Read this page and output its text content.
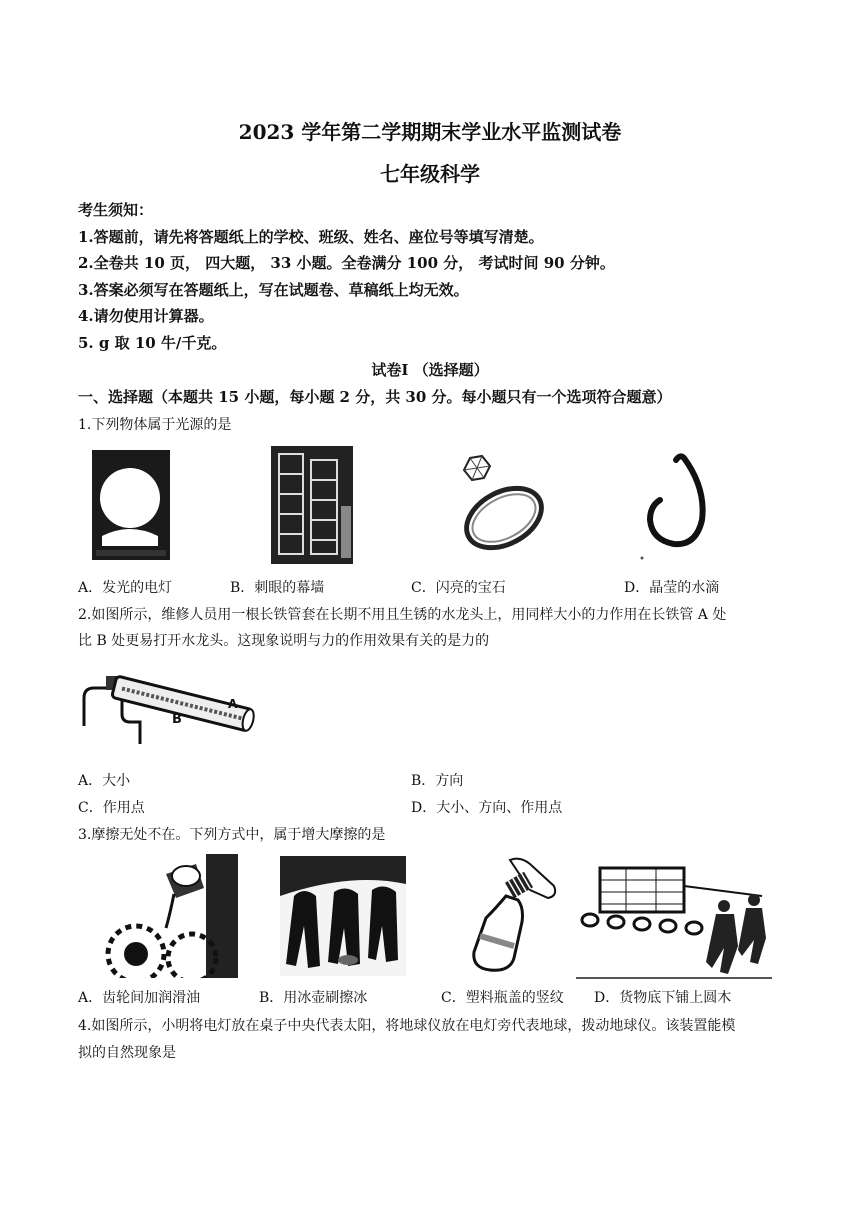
2023 学年第二学期期末学业水平监测试卷
七年级科学
考生须知：
1.答题前，请先将答题纸上的学校、班级、姓名、座位号等填写清楚。
2.全卷共 10 页， 四大题， 33 小题。全卷满分 100 分， 考试时间 90 分钟。
3.答案必须写在答题纸上，写在试题卷、草稿纸上均无效。
4.请勿使用计算器。
5. g 取 10 牛/千克。
试卷Ⅰ （选择题）
一、选择题（本题共 15 小题，每小题 2 分，共 30 分。每小题只有一个选项符合题意）
1.下列物体属于光源的是
A．发光的电灯	B．刺眼的幕墙	C．闪亮的宝石	D．晶莹的水滴
2.如图所示，维修人员用一根长铁管套在长期不用且生锈的水龙头上，用同样大小的力作用在长铁管 A 处
比 B 处更易打开水龙头。这现象说明与力的作用效果有关的是力的
A
B
A．大小	B．方向
C．作用点	D．大小、方向、作用点
3.摩擦无处不在。下列方式中，属于增大摩擦的是
A．齿轮间加润滑油	B．用冰壶刷擦冰	C．塑料瓶盖的竖纹 D．货物底下铺上圆木
4.如图所示，小明将电灯放在桌子中央代表太阳，将地球仪放在电灯旁代表地球，拨动地球仪。该装置能模
拟的自然现象是
